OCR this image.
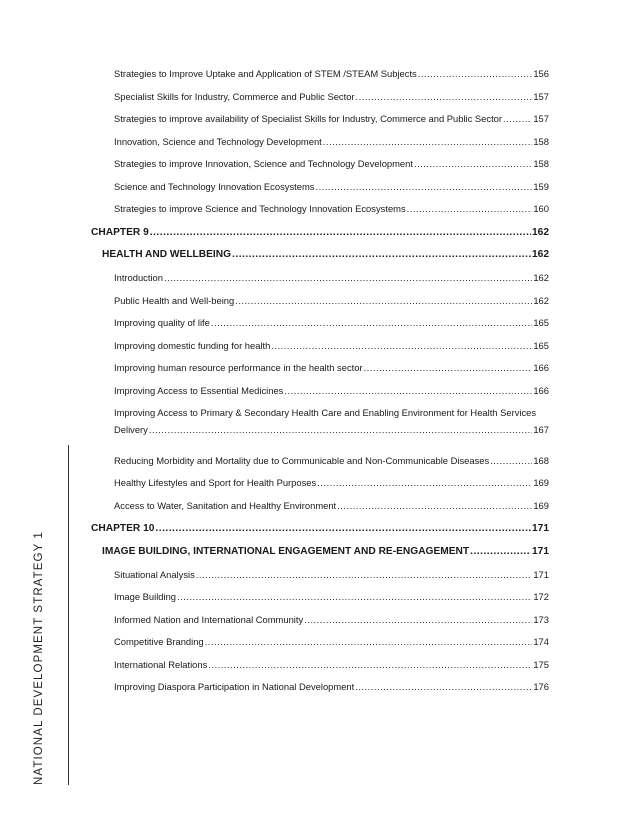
NATIONAL DEVELOPMENT STRATEGY 1
Strategies to Improve Uptake and Application of STEM /STEAM Subjects .....	156
Specialist Skills for Industry, Commerce and Public Sector .....	157
Strategies to improve availability of Specialist Skills for Industry, Commerce and Public Sector .....	157
Innovation, Science and Technology Development .....	158
Strategies to improve Innovation, Science and Technology Development .....	158
Science and Technology Innovation Ecosystems .....	159
Strategies to improve Science and Technology Innovation Ecosystems .....	160
CHAPTER 9 .....	162
HEALTH AND WELLBEING .....	162
Introduction .....	162
Public Health and Well-being .....	162
Improving quality of life .....	165
Improving domestic funding for health .....	165
Improving human resource performance in the health sector .....	166
Improving Access to Essential Medicines .....	166
Improving Access to Primary & Secondary Health Care and Enabling Environment for Health Services
Delivery .....	167
Reducing Morbidity and Mortality due to Communicable and Non-Communicable Diseases .....	168
Healthy Lifestyles and Sport for Health Purposes .....	169
Access to Water, Sanitation and Healthy Environment .....	169
CHAPTER 10 .....	171
IMAGE BUILDING, INTERNATIONAL ENGAGEMENT AND RE-ENGAGEMENT .....	171
Situational Analysis .....	171
Image Building .....	172
Informed Nation and International Community .....	173
Competitive Branding .....	174
International Relations .....	175
Improving Diaspora Participation in National Development .....	176
